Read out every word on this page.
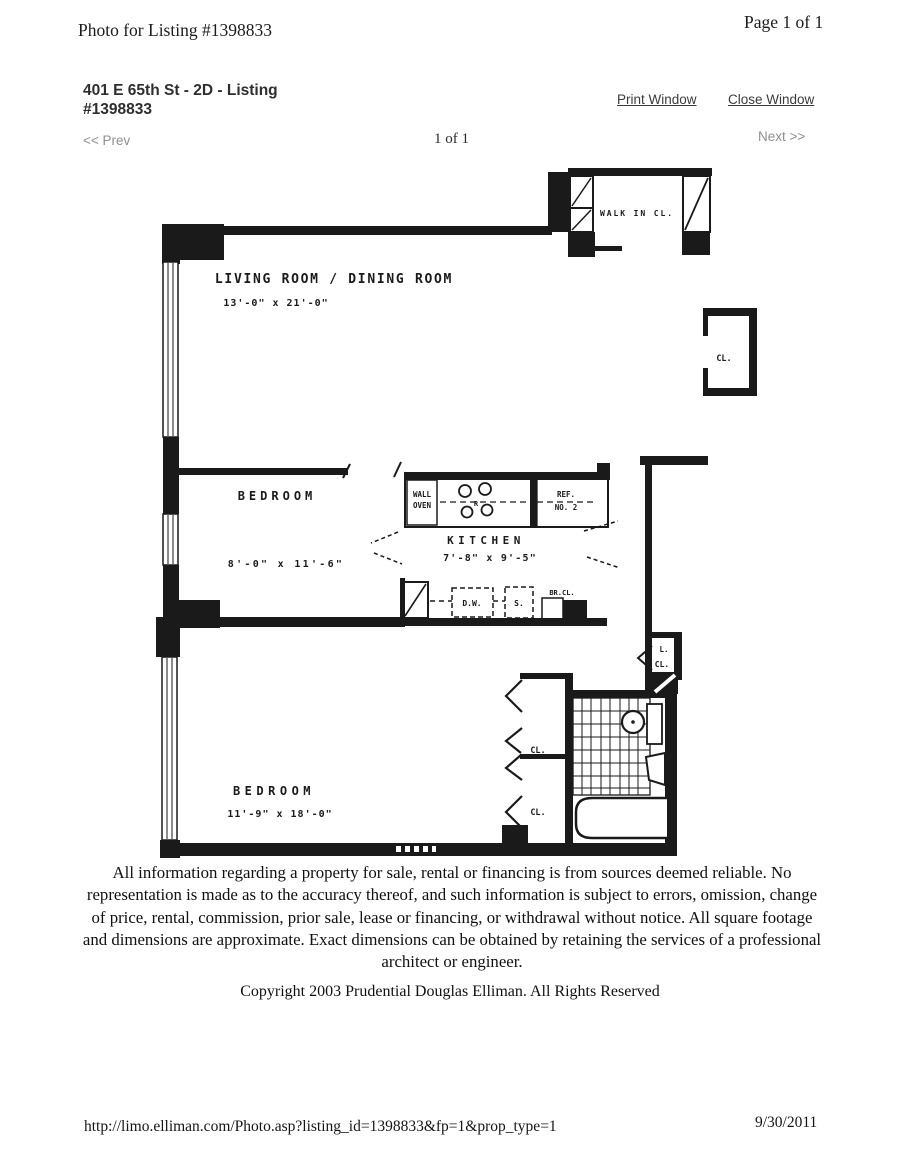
Photo for Listing #1398833	Page 1 of 1
401 E 65th St - 2D - Listing #1398833
Print Window Close Window
<< Prev	1 of 1	Next >>
LIVING ROOM / DINING ROOM
13'-0" x 21'-0"
WALK IN CL.
CL.
BEDROOM
8'-0" x 11'-6"
KITCHEN
7'-8" x 9'-5"
WALL
OVEN	R
REF.
NO. 2
D.W.	S.
BR.CL.
L.
CL.
CL.
CL.
BEDROOM
11'-9" x 18'-0"

All information regarding a property for sale, rental or financing is from sources deemed reliable. No representation is made as to the accuracy thereof, and such information is subject to errors, omission, change of price, rental, commission, prior sale, lease or financing, or withdrawal without notice. All square footage and dimensions are approximate. Exact dimensions can be obtained by retaining the services of a professional architect or engineer.

Copyright 2003 Prudential Douglas Elliman. All Rights Reserved

http://limo.elliman.com/Photo.asp?listing_id=1398833&fp=1&prop_type=1	9/30/2011
